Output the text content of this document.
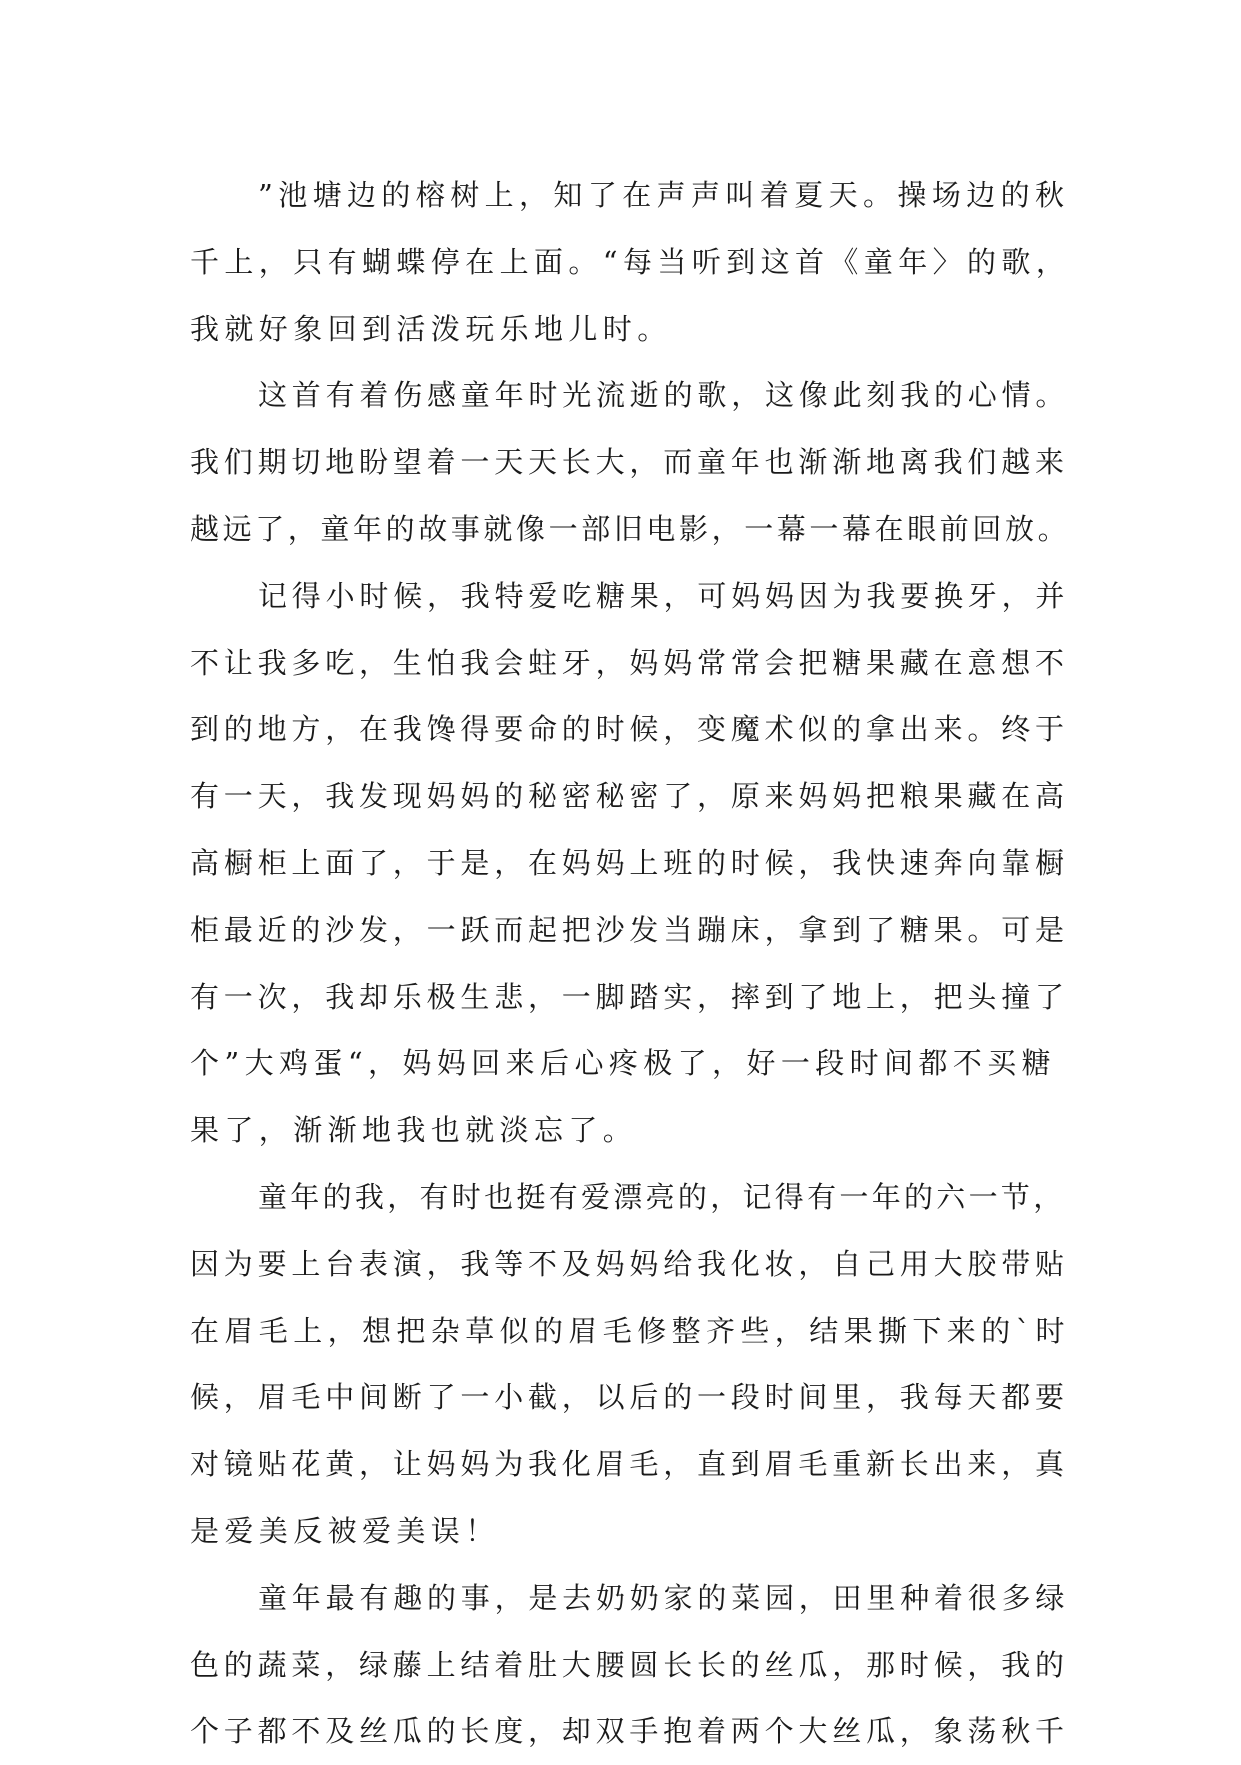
”池塘边的榕树上，知了在声声叫着夏天。操场边的秋
千上，只有蝴蝶停在上面。“每当听到这首《童年〉的歌，
我就好象回到活泼玩乐地儿时。
这首有着伤感童年时光流逝的歌，这像此刻我的心情。
我们期切地盼望着一天天长大，而童年也渐渐地离我们越来
越远了，童年的故事就像一部旧电影，一幕一幕在眼前回放。
记得小时候，我特爱吃糖果，可妈妈因为我要换牙，并
不让我多吃，生怕我会蛀牙，妈妈常常会把糖果藏在意想不
到的地方，在我馋得要命的时候，变魔术似的拿出来。终于
有一天，我发现妈妈的秘密秘密了，原来妈妈把粮果藏在高
高橱柜上面了，于是，在妈妈上班的时候，我快速奔向靠橱
柜最近的沙发，一跃而起把沙发当蹦床，拿到了糖果。可是
有一次，我却乐极生悲，一脚踏实，摔到了地上，把头撞了
个”大鸡蛋“，妈妈回来后心疼极了，好一段时间都不买糖
果了，渐渐地我也就淡忘了。
童年的我，有时也挺有爱漂亮的，记得有一年的六一节，
因为要上台表演，我等不及妈妈给我化妆，自己用大胶带贴
在眉毛上，想把杂草似的眉毛修整齐些，结果撕下来的`时
候，眉毛中间断了一小截，以后的一段时间里，我每天都要
对镜贴花黄，让妈妈为我化眉毛，直到眉毛重新长出来，真
是爱美反被爱美误！
童年最有趣的事，是去奶奶家的菜园，田里种着很多绿
色的蔬菜，绿藤上结着肚大腰圆长长的丝瓜，那时候，我的
个子都不及丝瓜的长度，却双手抱着两个大丝瓜，象荡秋千
